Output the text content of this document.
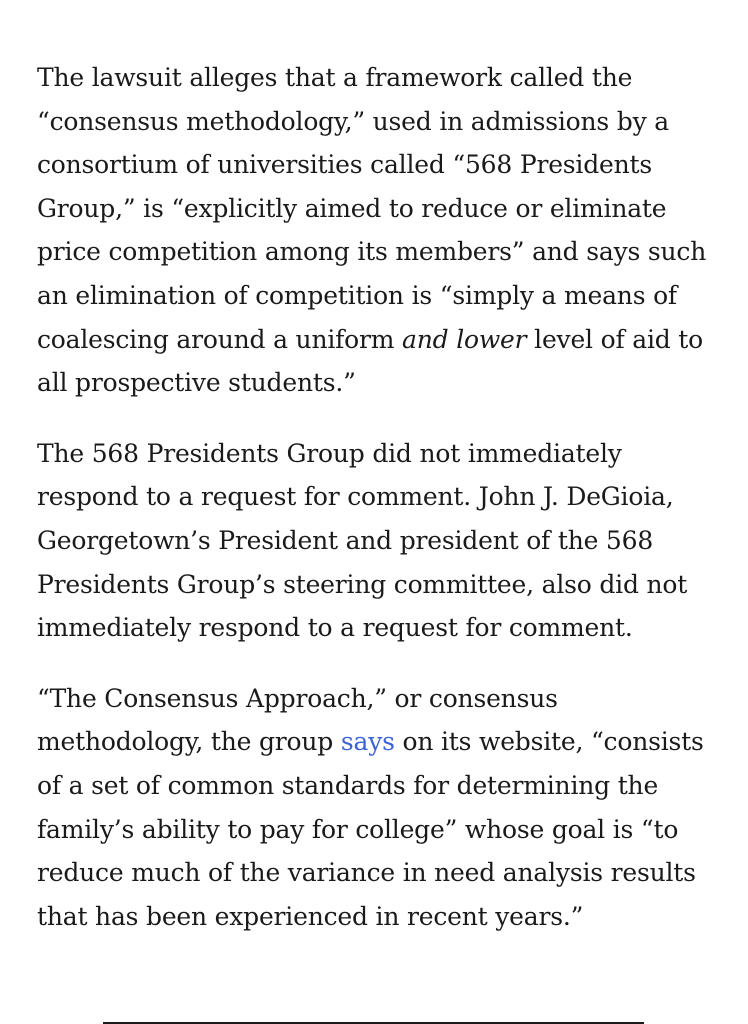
The lawsuit alleges that a framework called the “consensus methodology,” used in admissions by a consortium of universities called “568 Presidents Group,” is “explicitly aimed to reduce or eliminate price competition among its members” and says such an elimination of competition is “simply a means of coalescing around a uniform and lower level of aid to all prospective students.”

The 568 Presidents Group did not immediately respond to a request for comment. John J. DeGioia, Georgetown’s President and president of the 568 Presidents Group’s steering committee, also did not immediately respond to a request for comment.

“The Consensus Approach,” or consensus methodology, the group says on its website, “consists of a set of common standards for determining the family’s ability to pay for college” whose goal is “to reduce much of the variance in need analysis results that has been experienced in recent years.”
